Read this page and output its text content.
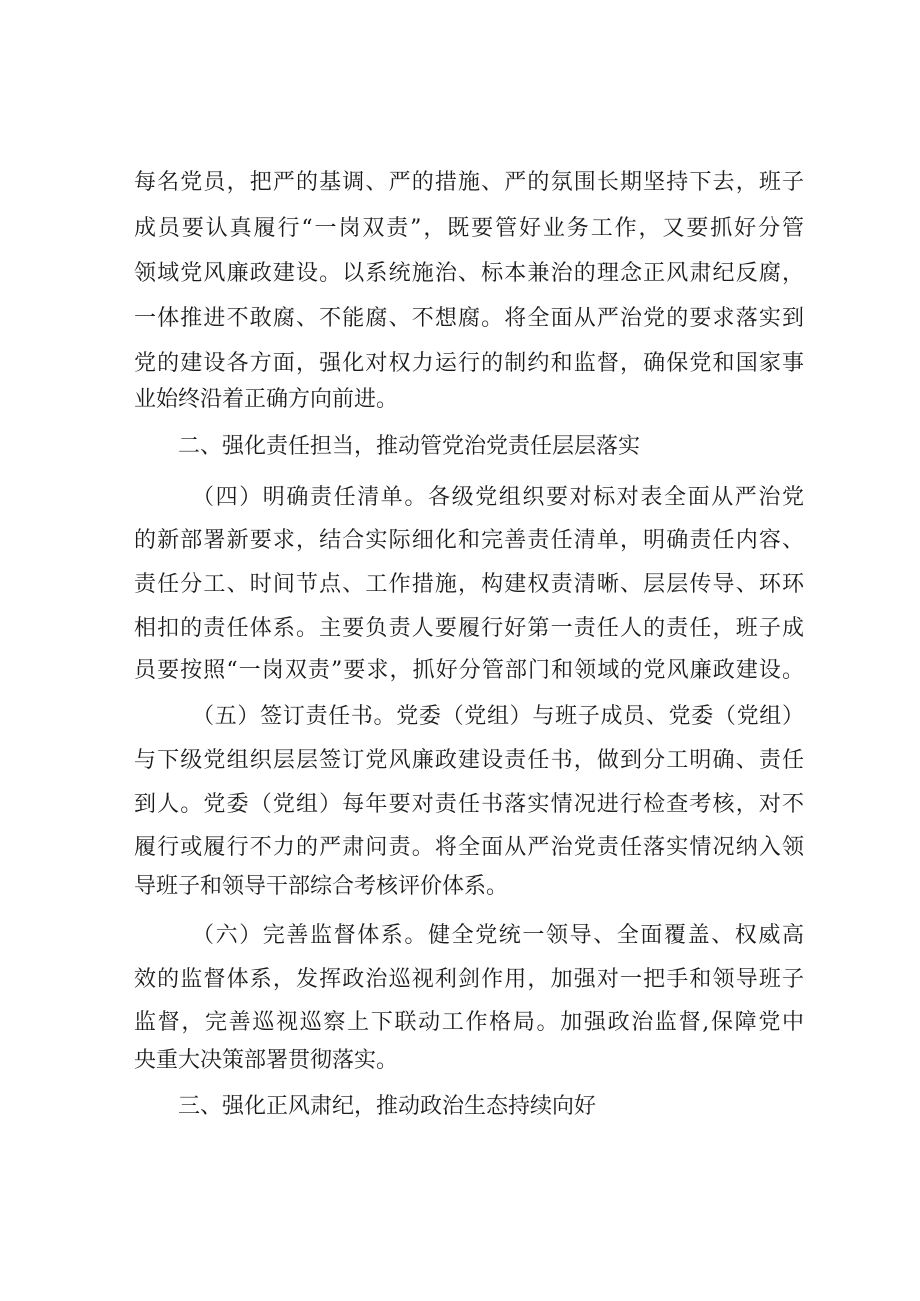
每名党员，把严的基调、严的措施、严的氛围长期坚持下去，班子
成员要认真履行“一岗双责”，既要管好业务工作，又要抓好分管
领域党风廉政建设。以系统施治、标本兼治的理念正风肃纪反腐，
一体推进不敢腐、不能腐、不想腐。将全面从严治党的要求落实到
党的建设各方面，强化对权力运行的制约和监督，确保党和国家事
业始终沿着正确方向前进。
二、强化责任担当，推动管党治党责任层层落实
（四）明确责任清单。各级党组织要对标对表全面从严治党
的新部署新要求，结合实际细化和完善责任清单，明确责任内容、
责任分工、时间节点、工作措施，构建权责清晰、层层传导、环环
相扣的责任体系。主要负责人要履行好第一责任人的责任，班子成
员要按照“一岗双责”要求，抓好分管部门和领域的党风廉政建设。
（五）签订责任书。党委（党组）与班子成员、党委（党组）
与下级党组织层层签订党风廉政建设责任书，做到分工明确、责任
到人。党委（党组）每年要对责任书落实情况进行检查考核，对不
履行或履行不力的严肃问责。将全面从严治党责任落实情况纳入领
导班子和领导干部综合考核评价体系。
（六）完善监督体系。健全党统一领导、全面覆盖、权威高
效的监督体系，发挥政治巡视利剑作用，加强对一把手和领导班子
监督，完善巡视巡察上下联动工作格局。加强政治监督,保障党中
央重大决策部署贯彻落实。
三、强化正风肃纪，推动政治生态持续向好
